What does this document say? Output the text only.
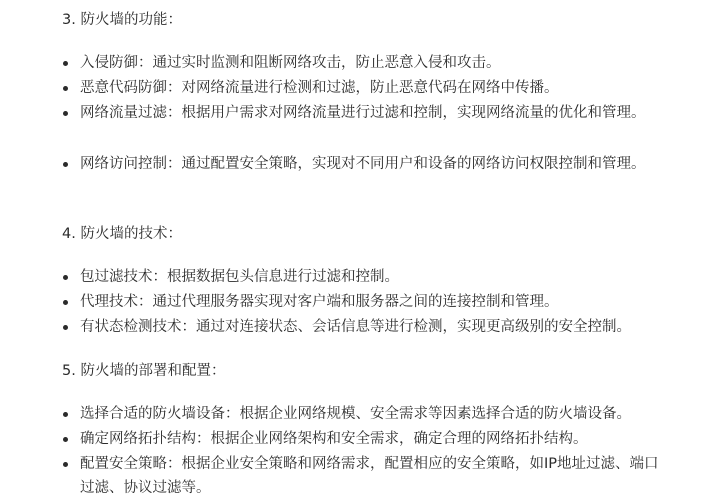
3. 防火墙的功能：
入侵防御：通过实时监测和阻断网络攻击，防止恶意入侵和攻击。
恶意代码防御：对网络流量进行检测和过滤，防止恶意代码在网络中传播。
网络流量过滤：根据用户需求对网络流量进行过滤和控制，实现网络流量的优化和管理。
网络访问控制：通过配置安全策略，实现对不同用户和设备的网络访问权限控制和管理。
4. 防火墙的技术：
包过滤技术：根据数据包头信息进行过滤和控制。
代理技术：通过代理服务器实现对客户端和服务器之间的连接控制和管理。
有状态检测技术：通过对连接状态、会话信息等进行检测，实现更高级别的安全控制。
5. 防火墙的部署和配置：
选择合适的防火墙设备：根据企业网络规模、安全需求等因素选择合适的防火墙设备。
确定网络拓扑结构：根据企业网络架构和安全需求，确定合理的网络拓扑结构。
配置安全策略：根据企业安全策略和网络需求，配置相应的安全策略，如IP地址过滤、端口过滤、协议过滤等。
